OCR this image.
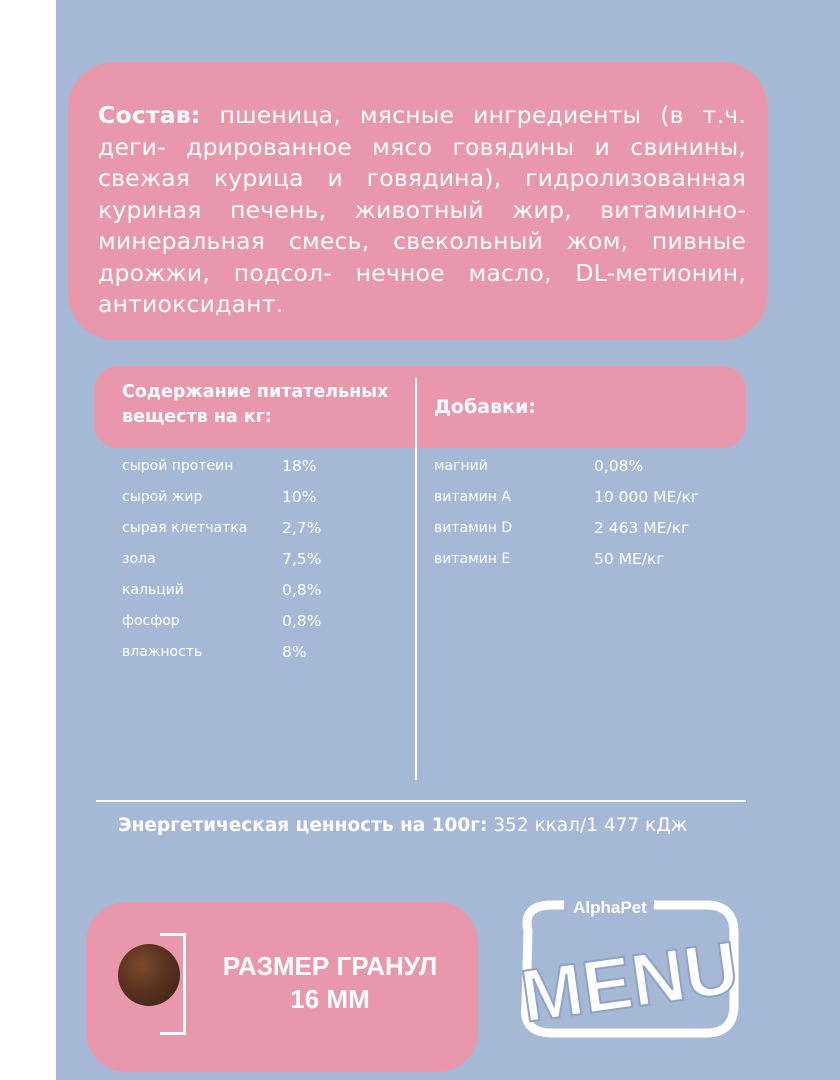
Состав: пшеница, мясные ингредиенты (в т.ч. деги- дрированное мясо говядины и свинины, свежая курица и говядина), гидролизованная куриная печень, животный жир, витаминно-минеральная смесь, свекольный жом, пивные дрожжи, подсол- нечное масло, DL-метионин, антиоксидант.

Содержание питательных веществ на кг:	Добавки:
сырой протеин	18%
сырой жир	10%
сырая клетчатка 2,7%
зола	7,5%
кальций	0,8%
фосфор	0,8%
влажность	8%
магний	0,08%
витамин А	10 000 МЕ/кг
витамин D	2 463 МЕ/кг
витамин Е	50 МЕ/кг
Энергетическая ценность на 100г: 352 ккал/1 477 кДж
РАЗМЕР ГРАНУЛ
16 ММ
AlphaPet
MENU
